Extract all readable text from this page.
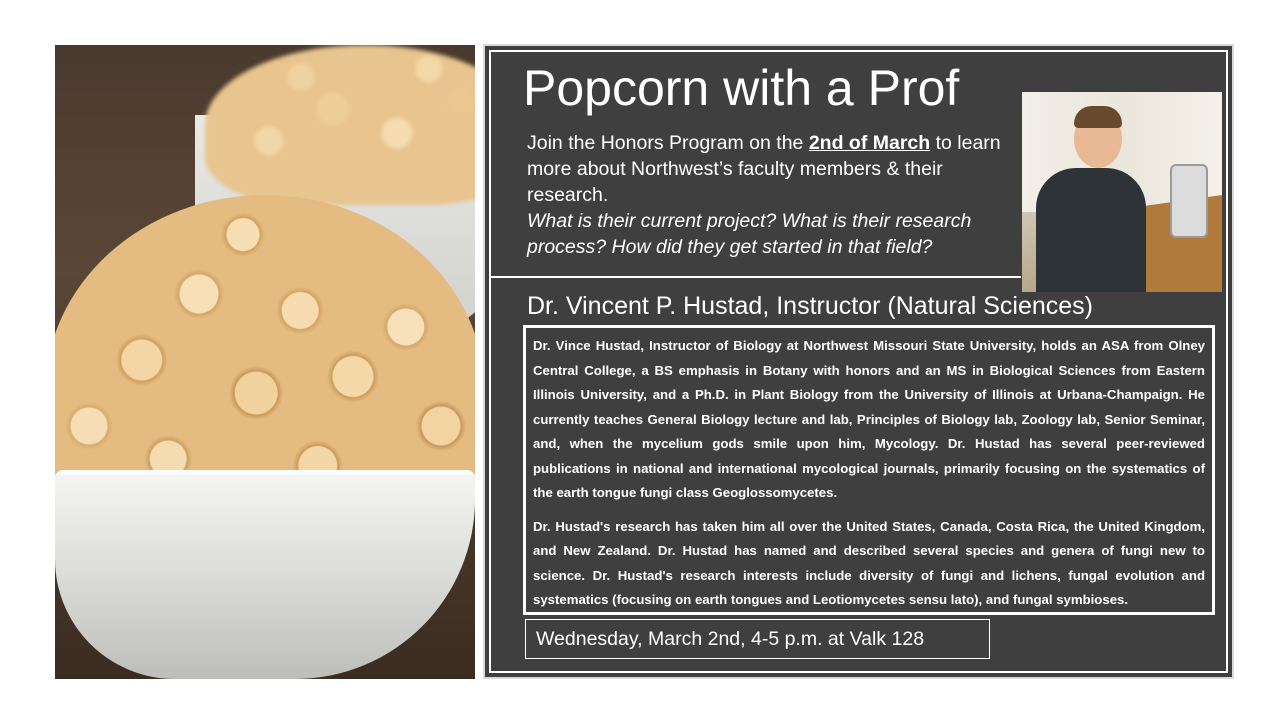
Popcorn with a Prof
Join the Honors Program on the 2nd of March to learn more about Northwest’s faculty members & their research.
What is their current project? What is their research process? How did they get started in that field?
Dr. Vincent P. Hustad, Instructor (Natural Sciences)

Dr. Vince Hustad, Instructor of Biology at Northwest Missouri State University, holds an ASA from Olney Central College, a BS emphasis in Botany with honors and an MS in Biological Sciences from Eastern Illinois University, and a Ph.D. in Plant Biology from the University of Illinois at Urbana-Champaign. He currently teaches General Biology lecture and lab, Principles of Biology lab, Zoology lab, Senior Seminar, and, when the mycelium gods smile upon him, Mycology. Dr. Hustad has several peer-reviewed publications in national and international mycological journals, primarily focusing on the systematics of the earth tongue fungi class Geoglossomycetes.

Dr. Hustad's research has taken him all over the United States, Canada, Costa Rica, the United Kingdom, and New Zealand. Dr. Hustad has named and described several species and genera of fungi new to science. Dr. Hustad's research interests include diversity of fungi and lichens, fungal evolution and systematics (focusing on earth tongues and Leotiomycetes sensu lato), and fungal symbioses.

Wednesday, March 2nd, 4-5 p.m. at Valk 128
